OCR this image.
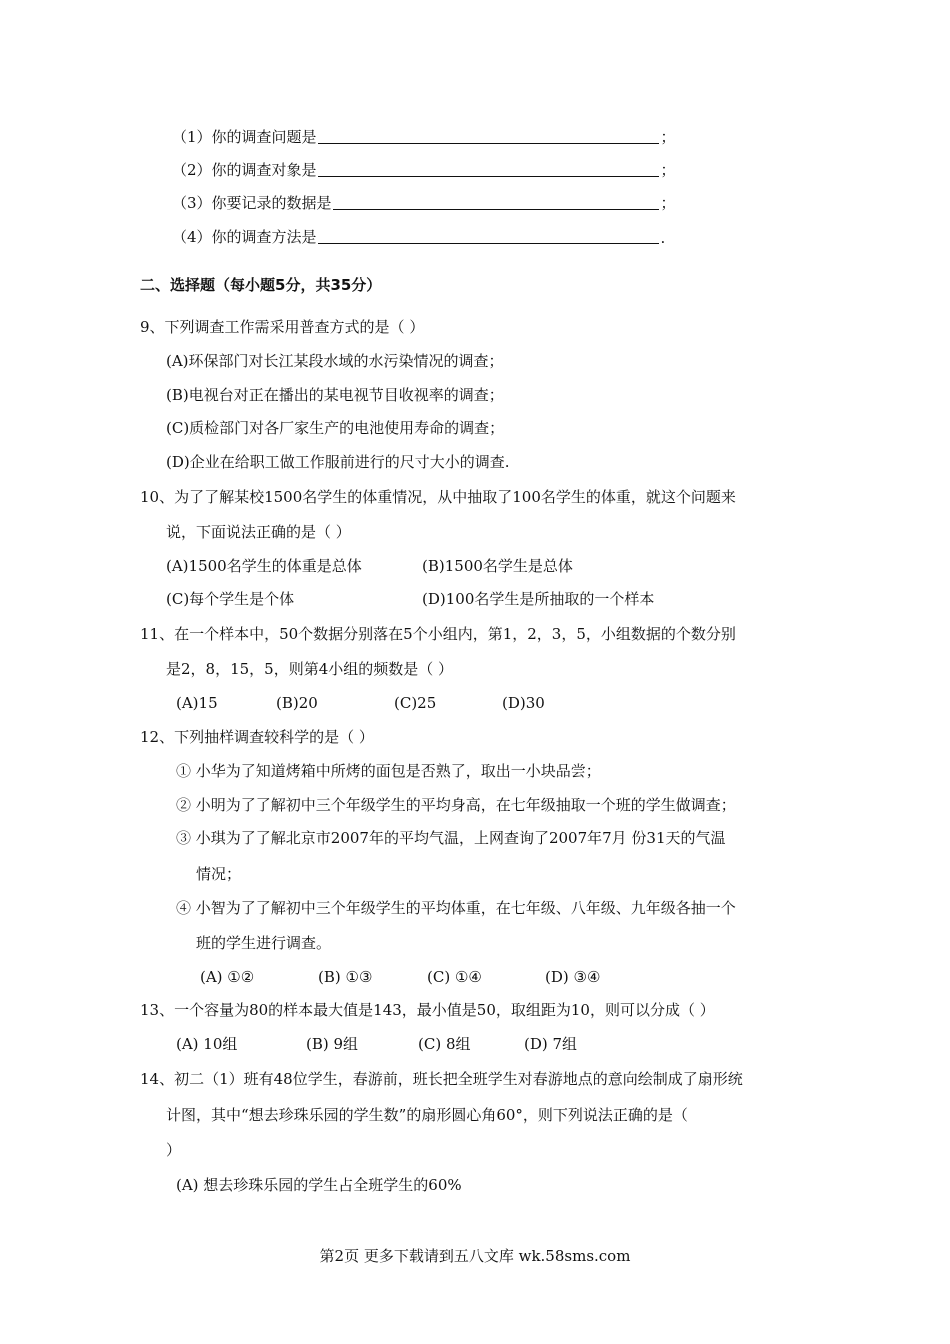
（1）你的调查问题是	；
（2）你的调查对象是	；
（3）你要记录的数据是	；
（4）你的调查方法是	.
二、选择题（每小题5分，共35分）
9、下列调查工作需采用普查方式的是（ ）
(A)环保部门对长江某段水域的水污染情况的调查；
(B)电视台对正在播出的某电视节目收视率的调查；
(C)质检部门对各厂家生产的电池使用寿命的调查；
(D)企业在给职工做工作服前进行的尺寸大小的调查.
10、为了了解某校1500名学生的体重情况，从中抽取了100名学生的体重，就这个问题来
说，下面说法正确的是（ ）
(A)1500名学生的体重是总体	(B)1500名学生是总体
(C)每个学生是个体	(D)100名学生是所抽取的一个样本
11、在一个样本中，50个数据分别落在5个小组内，第1，2，3，5，小组数据的个数分别
是2，8，15，5，则第4小组的频数是（ ）
(A)15	(B)20	(C)25	(D)30
12、下列抽样调查较科学的是（ ）
① 小华为了知道烤箱中所烤的面包是否熟了，取出一小块品尝；
② 小明为了了解初中三个年级学生的平均身高，在七年级抽取一个班的学生做调查；
③ 小琪为了了解北京市2007年的平均气温，上网查询了2007年7月 份31天的气温
情况；
④ 小智为了了解初中三个年级学生的平均体重，在七年级、八年级、九年级各抽一个
班的学生进行调查。
(A) ①②	(B) ①③	(C) ①④	(D) ③④
13、一个容量为80的样本最大值是143，最小值是50，取组距为10，则可以分成（ ）
(A) 10组	(B) 9组	(C) 8组	(D) 7组
14、初二（1）班有48位学生，春游前，班长把全班学生对春游地点的意向绘制成了扇形统
计图，其中“想去珍珠乐园的学生数”的扇形圆心角60°，则下列说法正确的是（
）
(A) 想去珍珠乐园的学生占全班学生的60%
第2页 更多下载请到五八文库 wk.58sms.com
